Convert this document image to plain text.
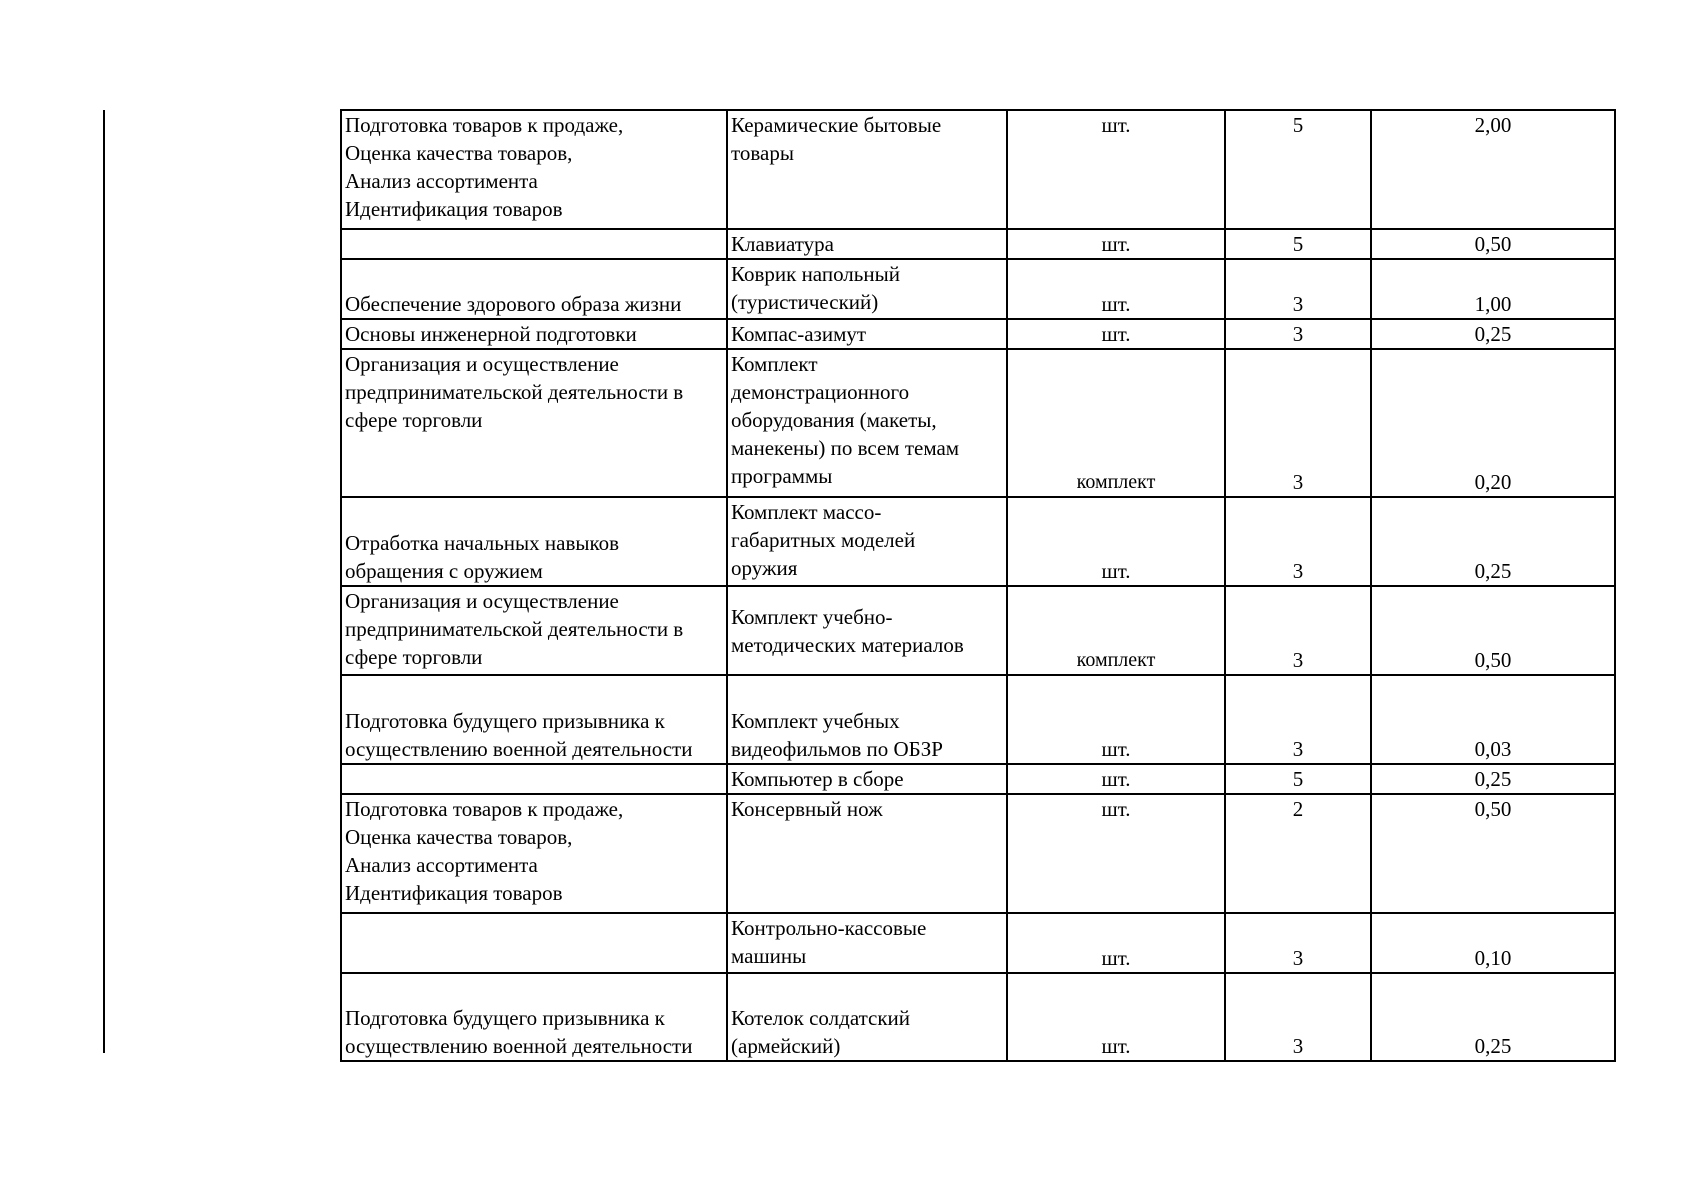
Подготовка товаров к продаже,
Оценка качества товаров,
Анализ ассортимента
Идентификация товаров	Керамические бытовые
товары	шт.	5	2,00

	Клавиатура	шт.	5	0,50

Обеспечение здорового образа жизни	Коврик напольный
(туристический)	шт.	3	1,00

Основы инженерной подготовки	Компас-азимут	шт.	3	0,25

Организация и осуществление
предпринимательской деятельности в
сфере торговли	Комплект
демонстрационного
оборудования (макеты,
манекены) по всем темам
программы	комплект	3	0,20

Отработка начальных навыков
обращения с оружием	Комплект массо-
габаритных моделей
оружия	шт.	3	0,25

Организация и осуществление
предпринимательской деятельности в
сфере торговли	Комплект учебно-
методических материалов	комплект	3	0,50

Подготовка будущего призывника к
осуществлению военной деятельности	Комплект учебных
видеофильмов по ОБЗР	шт.	3	0,03

	Компьютер в сборе	шт.	5	0,25

Подготовка товаров к продаже,
Оценка качества товаров,
Анализ ассортимента
Идентификация товаров	Консервный нож	шт.	2	0,50

	Контрольно-кассовые
машины	шт.	3	0,10

Подготовка будущего призывника к
осуществлению военной деятельности	Котелок солдатский
(армейский)	шт.	3	0,25
